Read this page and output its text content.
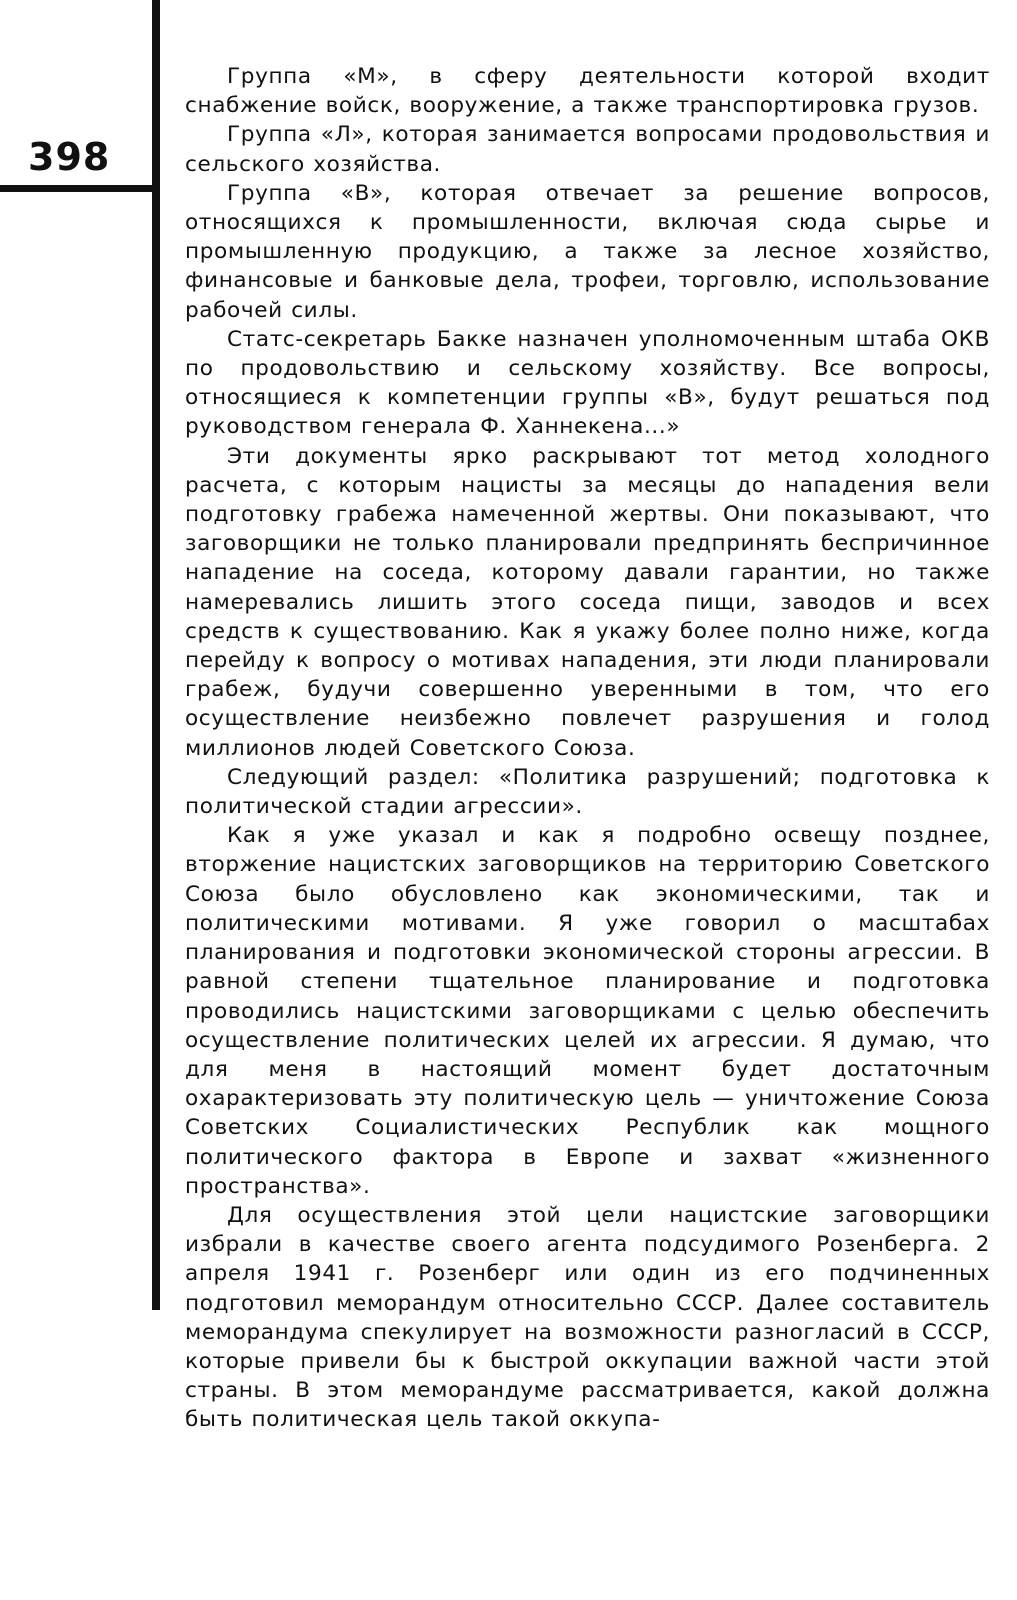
398

Группа «М», в сферу деятельности которой входит снабжение войск, вооружение, а также транспортировка грузов.

Группа «Л», которая занимается вопросами продовольствия и сельского хозяйства.

Группа «В», которая отвечает за решение вопросов, относящихся к промышленности, включая сюда сырье и промышленную продукцию, а также за лесное хозяйство, финансовые и банковые дела, трофеи, торговлю, использование рабочей силы.

Статс-секретарь Бакке назначен уполномоченным штаба ОКВ по продовольствию и сельскому хозяйству. Все вопросы, относящиеся к компетенции группы «В», будут решаться под руководством генерала Ф. Ханнекена...»

Эти документы ярко раскрывают тот метод холодного расчета, с которым нацисты за месяцы до нападения вели подготовку грабежа намеченной жертвы. Они показывают, что заговорщики не только планировали предпринять беспричинное нападение на соседа, которому давали гарантии, но также намеревались лишить этого соседа пищи, заводов и всех средств к существованию. Как я укажу более полно ниже, когда перейду к вопросу о мотивах нападения, эти люди планировали грабеж, будучи совершенно уверенными в том, что его осуществление неизбежно повлечет разрушения и голод миллионов людей Советского Союза.

Следующий раздел: «Политика разрушений; подготовка к политической стадии агрессии».

Как я уже указал и как я подробно освещу позднее, вторжение нацистских заговорщиков на территорию Советского Союза было обусловлено как экономическими, так и политическими мотивами. Я уже говорил о масштабах планирования и подготовки экономической стороны агрессии. В равной степени тщательное планирование и подготовка проводились нацистскими заговорщиками с целью обеспечить осуществление политических целей их агрессии. Я думаю, что для меня в настоящий момент будет достаточным охарактеризовать эту политическую цель — уничтожение Союза Советских Социалистических Республик как мощного политического фактора в Европе и захват «жизненного пространства».

Для осуществления этой цели нацистские заговорщики избрали в качестве своего агента подсудимого Розенберга. 2 апреля 1941 г. Розенберг или один из его подчиненных подготовил меморандум относительно СССР. Далее составитель меморандума спекулирует на возможности разногласий в СССР, которые привели бы к быстрой оккупации важной части этой страны. В этом меморандуме рассматривается, какой должна быть политическая цель такой оккупа-
